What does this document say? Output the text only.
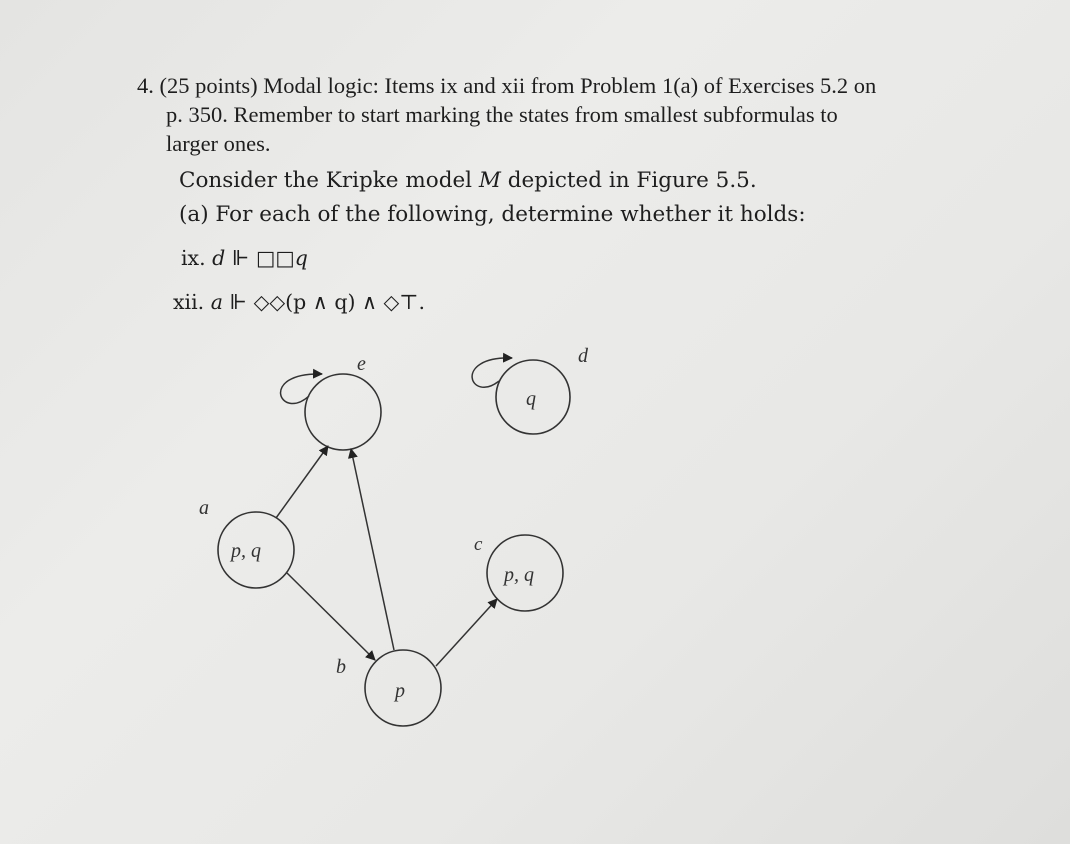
4. (25 points) Modal logic: Items ix and xii from Problem 1(a) of Exercises 5.2 on
p. 350. Remember to start marking the states from smallest subformulas to
larger ones.
Consider the Kripke model M depicted in Figure 5.5.
(a) For each of the following, determine whether it holds:
ix. d ⊩ □□q
xii. a ⊩ ◇◇(p ∧ q) ∧ ◇⊤.
e	d
a
c
b
p, q
p, q
q
p
